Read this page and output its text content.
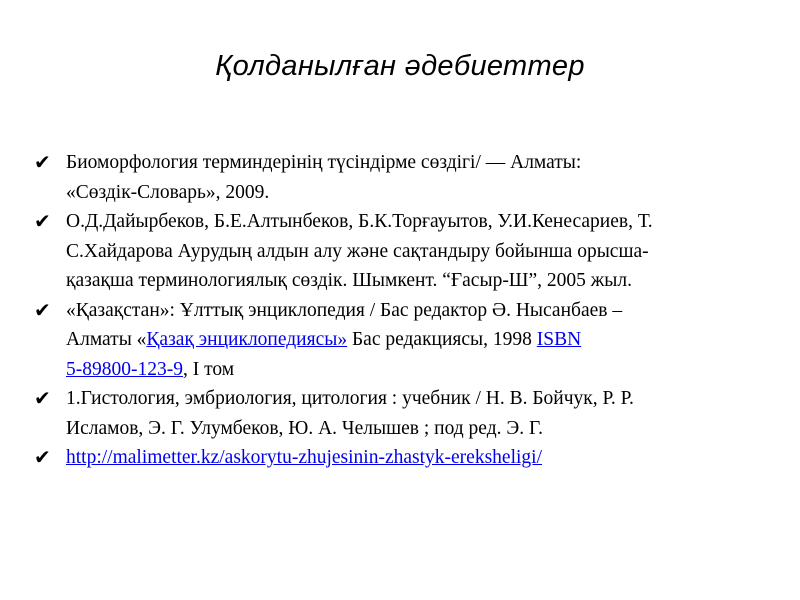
Қолданылған әдебиеттер
✔ Биоморфология терминдерінің түсіндірме сөздігі/ — Алматы:
«Сөздік-Словарь», 2009.
✔ О.Д.Дайырбеков, Б.Е.Алтынбеков, Б.К.Торғауытов, У.И.Кенесариев, Т.
С.Хайдарова Аурудың алдын алу және сақтандыру бойынша орысша-
қазақша терминологиялық сөздік. Шымкент. “Ғасыр-Ш”, 2005 жыл.
✔ «Қазақстан»: Ұлттық энциклопедия / Бас редактор Ә. Нысанбаев –
Алматы «Қазақ энциклопедиясы» Бас редакциясы, 1998 ISBN
5-89800-123-9, I том
✔ 1.Гистология, эмбриология, цитология : учебник / Н. В. Бойчук, Р. Р.
Исламов, Э. Г. Улумбеков, Ю. А. Челышев ; под ред. Э. Г.
✔ http://malimetter.kz/askorytu-zhujesinin-zhastyk-erekshelіgi/
